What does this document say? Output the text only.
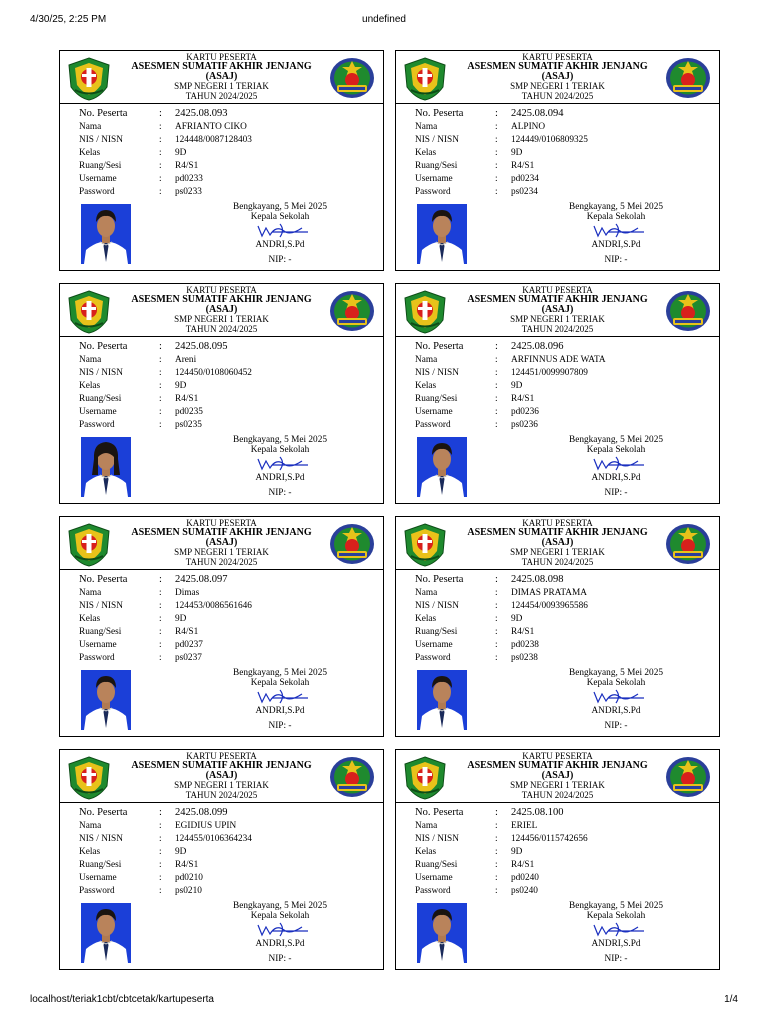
4/30/25, 2:25 PM	undefined
KARTU PESERTA
ASESMEN SUMATIF AKHIR JENJANG
(ASAJ)
SMP NEGERI 1 TERIAK
TAHUN 2024/2025
No. Peserta	: 2425.08.093
Nama	: AFRIANTO CIKO
NIS / NISN	: 124448/0087128403
Kelas	: 9D
Ruang/Sesi	: R4/S1
Username	: pd0233
Password	: ps0233
Bengkayang, 5 Mei 2025
Kepala Sekolah
ANDRI,S.Pd
NIP: -
KARTU PESERTA
ASESMEN SUMATIF AKHIR JENJANG
(ASAJ)
SMP NEGERI 1 TERIAK
TAHUN 2024/2025
No. Peserta	: 2425.08.094
Nama	: ALPINO
NIS / NISN	: 124449/0106809325
Kelas	: 9D
Ruang/Sesi	: R4/S1
Username	: pd0234
Password	: ps0234
Bengkayang, 5 Mei 2025
Kepala Sekolah
ANDRI,S.Pd
NIP: -
KARTU PESERTA
ASESMEN SUMATIF AKHIR JENJANG
(ASAJ)
SMP NEGERI 1 TERIAK
TAHUN 2024/2025
No. Peserta	: 2425.08.095
Nama	: Areni
NIS / NISN	: 124450/0108060452
Kelas	: 9D
Ruang/Sesi	: R4/S1
Username	: pd0235
Password	: ps0235
Bengkayang, 5 Mei 2025
Kepala Sekolah
ANDRI,S.Pd
NIP: -
KARTU PESERTA
ASESMEN SUMATIF AKHIR JENJANG
(ASAJ)
SMP NEGERI 1 TERIAK
TAHUN 2024/2025
No. Peserta	: 2425.08.096
Nama	: ARFINNUS ADE WATA
NIS / NISN	: 124451/0099907809
Kelas	: 9D
Ruang/Sesi	: R4/S1
Username	: pd0236
Password	: ps0236
Bengkayang, 5 Mei 2025
Kepala Sekolah
ANDRI,S.Pd
NIP: -
KARTU PESERTA
ASESMEN SUMATIF AKHIR JENJANG
(ASAJ)
SMP NEGERI 1 TERIAK
TAHUN 2024/2025
No. Peserta	: 2425.08.097
Nama	: Dimas
NIS / NISN	: 124453/0086561646
Kelas	: 9D
Ruang/Sesi	: R4/S1
Username	: pd0237
Password	: ps0237
Bengkayang, 5 Mei 2025
Kepala Sekolah
ANDRI,S.Pd
NIP: -
KARTU PESERTA
ASESMEN SUMATIF AKHIR JENJANG
(ASAJ)
SMP NEGERI 1 TERIAK
TAHUN 2024/2025
No. Peserta	: 2425.08.098
Nama	: DIMAS PRATAMA
NIS / NISN	: 124454/0093965586
Kelas	: 9D
Ruang/Sesi	: R4/S1
Username	: pd0238
Password	: ps0238
Bengkayang, 5 Mei 2025
Kepala Sekolah
ANDRI,S.Pd
NIP: -
KARTU PESERTA
ASESMEN SUMATIF AKHIR JENJANG
(ASAJ)
SMP NEGERI 1 TERIAK
TAHUN 2024/2025
No. Peserta	: 2425.08.099
Nama	: EGIDIUS UPIN
NIS / NISN	: 124455/0106364234
Kelas	: 9D
Ruang/Sesi	: R4/S1
Username	: pd0210
Password	: ps0210
Bengkayang, 5 Mei 2025
Kepala Sekolah
ANDRI,S.Pd
NIP: -
KARTU PESERTA
ASESMEN SUMATIF AKHIR JENJANG
(ASAJ)
SMP NEGERI 1 TERIAK
TAHUN 2024/2025
No. Peserta	: 2425.08.100
Nama	: ERIEL
NIS / NISN	: 124456/0115742656
Kelas	: 9D
Ruang/Sesi	: R4/S1
Username	: pd0240
Password	: ps0240
Bengkayang, 5 Mei 2025
Kepala Sekolah
ANDRI,S.Pd
NIP: -
localhost/teriak1cbt/cbtcetak/kartupeserta	1/4
